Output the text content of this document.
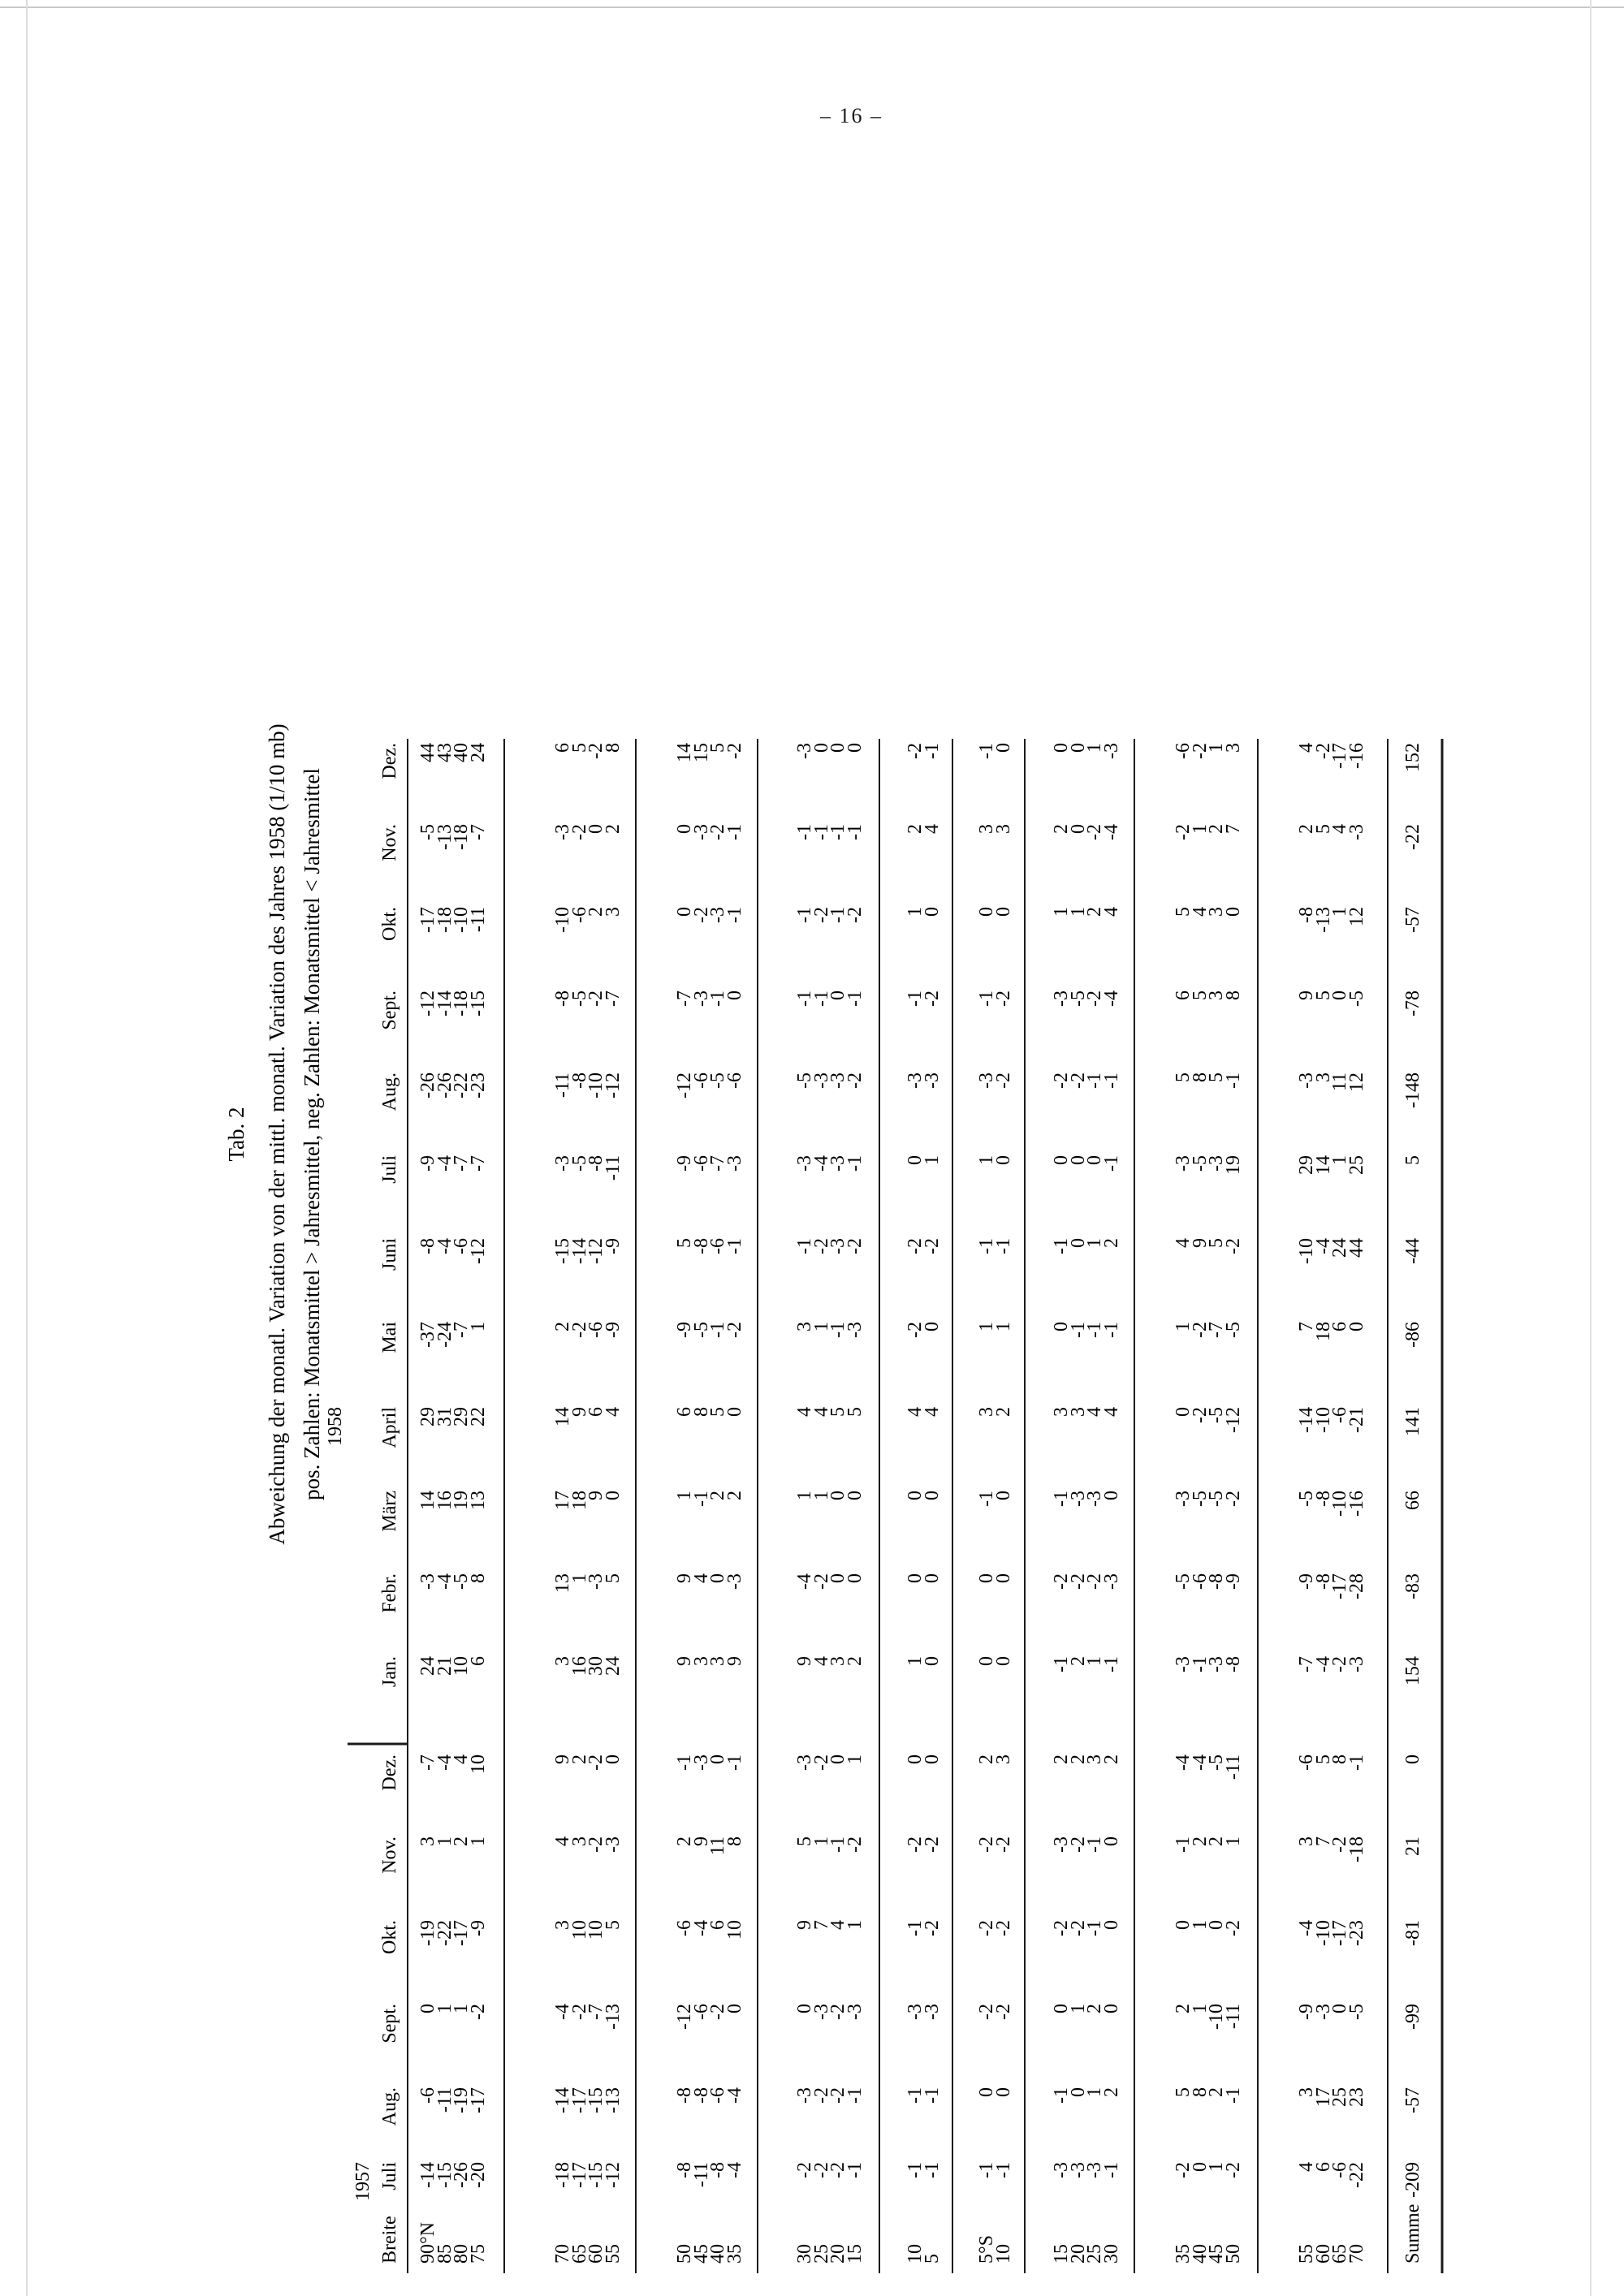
– 16 –
Tab. 2 Abweichung der monatl. Variation von der mittl. monatl. Variation des Jahres 1958 (1/10 mb) pos. Zahlen: Monatsmittel > Jahresmittel, neg. Zahlen: Monatsmittel < Jahresmittel
Breite
1957
1958
Juli
Aug.
Sept.
Okt.
Nov.
Dez.
Jan.
Febr.
März
April
Mai
Juni
Juli
Aug.
Sept.
Okt.
Nov.
Dez.
90°N
-14
-6
0
-19
3
-7
24
-3
14
29
-37
-8
-9
-26
-12
-17
-5
44
85
-15
-11
1
-22
1
-4
21
-4
16
31
-24
-4
-4
-26
-14
-18
-13
43
80
-26
-19
1
-17
2
4
10
-5
19
29
-7
-6
-7
-22
-18
-10
-18
40
75
-20
-17
-2
-9
1
10
6
8
13
22
1
-12
-7
-23
-15
-11
-7
24
70
-18
-14
-4
3
4
9
3
13
17
14
2
-15
-3
-11
-8
-10
-3
6
65
-17
-17
-2
10
3
2
16
1
18
9
-2
-14
-5
-8
-5
-6
-2
5
60
-15
-15
-7
10
-2
-2
30
-3
9
6
-6
-12
-8
-10
-2
2
0
-2
55
-12
-13
-13
5
-3
0
24
5
0
4
-9
-9
-11
-12
-7
3
2
8
50
-8
-8
-12
-6
2
-1
9
9
1
6
-9
5
-9
-12
-7
0
0
14
45
-11
-8
-6
-4
9
-3
3
4
-1
8
-5
-8
-6
-6
-3
-2
-3
15
40
-8
-6
-2
6
11
0
3
0
2
5
-1
-6
-7
-5
-1
-3
-2
5
35
-4
-4
0
10
8
-1
9
-3
2
0
-2
-1
-3
-6
0
-1
-1
-2
30
-2
-3
0
9
5
-3
9
-4
1
4
3
-1
-3
-5
-1
-1
-1
-3
25
-2
-2
-3
7
1
-2
4
-2
1
4
1
-2
-4
-3
-1
-2
-1
0
20
-2
-2
-2
4
-1
0
3
0
0
5
-1
-3
-3
-3
0
-1
-1
0
15
-1
-1
-3
1
-2
1
2
0
0
5
-3
-2
-1
-2
-1
-2
-1
0
10
-1
-1
-3
-1
-2
0
1
0
0
4
-2
-2
0
-3
-1
1
2
-2
5
-1
-1
-3
-2
-2
0
0
0
0
4
0
-2
1
-3
-2
0
4
-1
5°S
-1
0
-2
-2
-2
2
0
0
-1
3
1
-1
1
-3
-1
0
3
-1
10
-1
0
-2
-2
-2
3
0
0
0
2
1
-1
0
-2
-2
0
3
0
15
-3
-1
0
-2
-3
2
-1
-2
-1
3
0
-1
0
-2
-3
1
2
0
20
-3
0
1
-2
-2
2
2
-2
-3
3
-1
0
0
-2
-5
1
0
0
25
-3
1
2
-1
-1
3
1
-2
-3
4
-1
1
0
-1
-2
2
-2
1
30
-1
2
0
0
0
2
-1
-3
0
4
-1
2
-1
-1
-4
4
-4
-3
35
-2
5
2
0
-1
-4
-3
-5
-3
0
1
4
-3
5
6
5
-2
-6
40
0
8
1
1
2
-4
-1
-6
-5
-2
-2
9
-5
8
5
4
1
-2
45
1
2
-10
0
2
-5
-3
-8
-5
-5
-7
5
-3
5
3
3
2
1
50
-2
-1
-11
-2
1
-11
-8
-9
-2
-12
-5
-2
19
-1
8
0
7
3
55
4
3
-9
-4
3
-6
-7
-9
-5
-14
7
-10
29
-3
9
-8
2
4
60
6
17
-3
-10
7
5
-4
-8
-8
-10
18
-4
14
3
5
-13
5
-2
65
-6
25
0
-17
-2
8
-2
-17
-10
-6
6
24
1
11
0
1
4
-17
70
-22
23
-5
-23
-18
-1
-3
-28
-16
-21
0
44
25
12
-5
12
-3
-16
Summe
-209
-57
-99
-81
21
0
154
-83
66
141
-86
-44
5
-148
-78
-57
-22
152
